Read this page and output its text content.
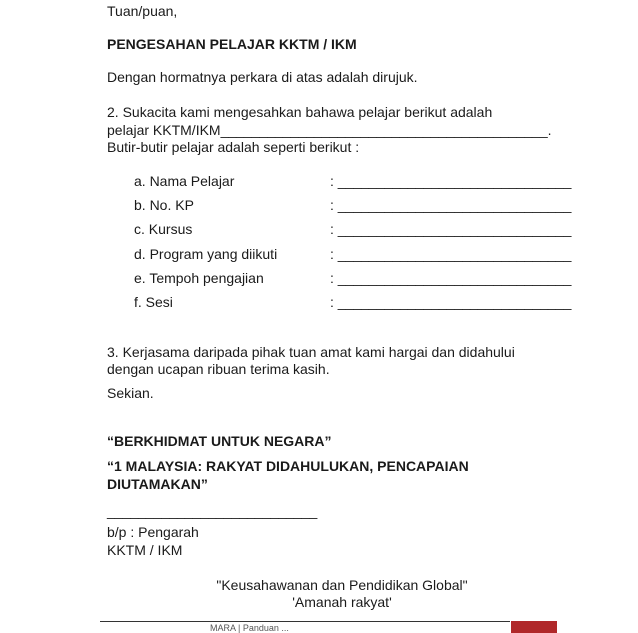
Tuan/puan,
PENGESAHAN PELAJAR KKTM / IKM
Dengan hormatnya perkara di atas adalah dirujuk.
2. Sukacita kami mengesahkan bahawa pelajar berikut adalah
pelajar KKTM/IKM__________________________________________.
Butir-butir pelajar adalah seperti berikut :
a. Nama Pelajar	: ______________________________
b. No. KP	: ______________________________
c. Kursus	: ______________________________
d. Program yang diikuti	: ______________________________
e. Tempoh pengajian	: ______________________________
f. Sesi	: ______________________________
3. Kerjasama daripada pihak tuan amat kami hargai dan didahului
dengan ucapan ribuan terima kasih.
Sekian.
“BERKHIDMAT UNTUK NEGARA”
“1 MALAYSIA: RAKYAT DIDAHULUKAN, PENCAPAIAN
DIUTAMAKAN”
___________________________
b/p : Pengarah
KKTM / IKM
"Keusahawanan dan Pendidikan Global"
'Amanah rakyat'
MARA | Panduan ...
